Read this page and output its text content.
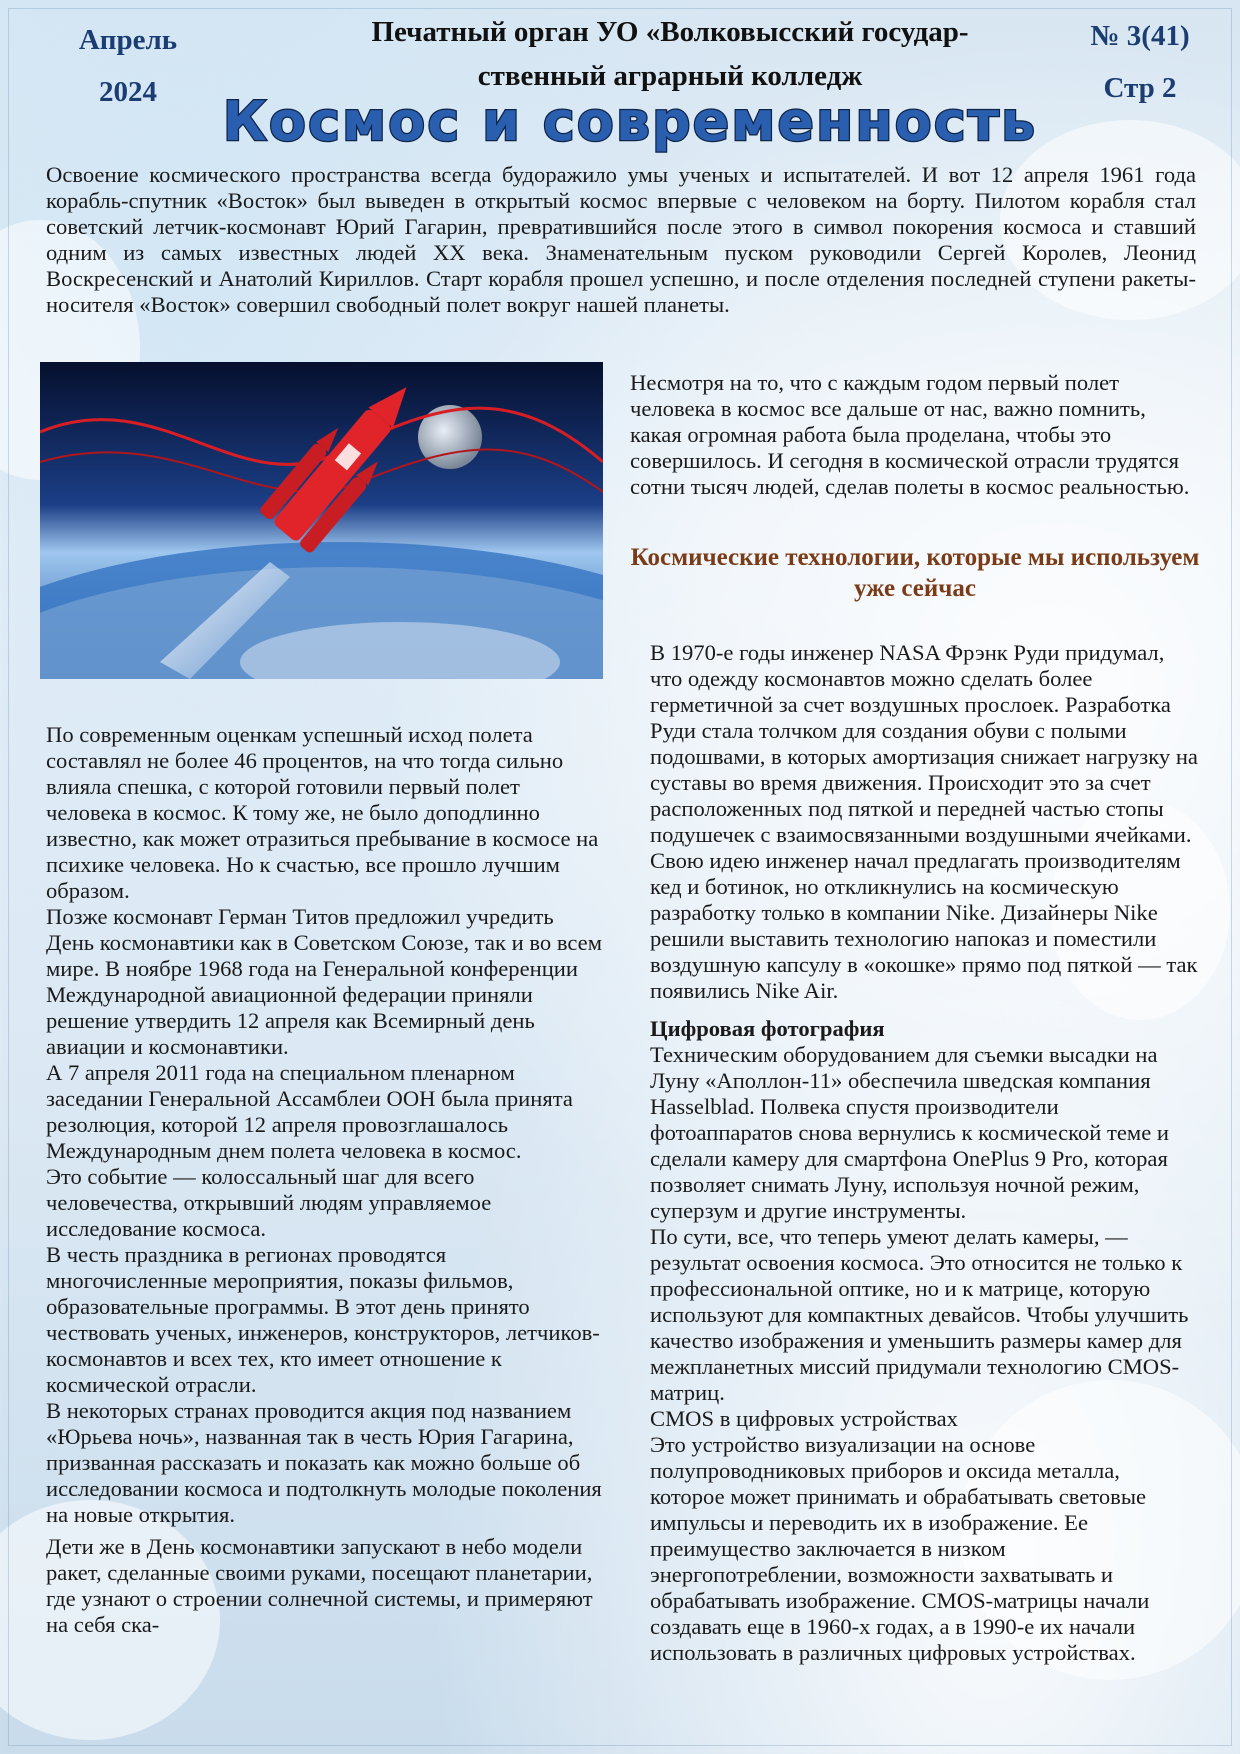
Апрель
2024
Печатный орган УО «Волковысский государ-
ственный аграрный колледж
№ 3(41)
Стр 2
Космос и современность

Освоение космического пространства всегда будоражило умы ученых и испытателей. И вот 12 апреля 1961 года корабль-спутник «Восток» был выведен в открытый космос впервые с человеком на борту. Пилотом корабля стал советский летчик-космонавт Юрий Гагарин, превратившийся после этого в символ покорения космоса и ставший одним из самых известных людей XX века. Знаменательным пуском руководили Сергей Королев, Леонид Воскресенский и Анатолий Кириллов. Старт корабля прошел успешно, и после отделения последней ступени ракеты-носителя «Восток» совершил свободный полет вокруг нашей планеты.

По современным оценкам успешный исход полета составлял не более 46 процентов, на что тогда сильно влияла спешка, с которой готовили первый полет человека в космос. К тому же, не было доподлинно известно, как может отразиться пребывание в космосе на психике человека. Но к счастью, все прошло лучшим образом.

Позже космонавт Герман Титов предложил учредить День космонавтики как в Советском Союзе, так и во всем мире. В ноябре 1968 года на Генеральной конференции Международной авиационной федерации приняли решение утвердить 12 апреля как Всемирный день авиации и космонавтики.

А 7 апреля 2011 года на специальном пленарном заседании Генеральной Ассамблеи ООН была принята резолюция, которой 12 апреля провозглашалось Международным днем полета человека в космос.

Это событие — колоссальный шаг для всего человечества, открывший людям управляемое исследование космоса.

В честь праздника в регионах проводятся многочисленные мероприятия, показы фильмов, образовательные программы. В этот день принято чествовать ученых, инженеров, конструкторов, летчиков-космонавтов и всех тех, кто имеет отношение к космической отрасли.

В некоторых странах проводится акция под названием «Юрьева ночь», названная так в честь Юрия Гагарина, призванная рассказать и показать как можно больше об исследовании космоса и подтолкнуть молодые поколения на новые открытия.

Дети же в День космонавтики запускают в небо модели ракет, сделанные своими руками, посещают планетарии, где узнают о строении солнечной системы, и примеряют на себя ска-

Несмотря на то, что с каждым годом первый полет человека в космос все дальше от нас, важно помнить, какая огромная работа была проделана, чтобы это совершилось. И сегодня в космической отрасли трудятся сотни тысяч людей, сделав полеты в космос реальностью.

Космические технологии, которые мы используем уже сейчас

В 1970-е годы инженер NASA Фрэнк Руди придумал, что одежду космонавтов можно сделать более герметичной за счет воздушных прослоек. Разработка Руди стала толчком для создания обуви с полыми подошвами, в которых амортизация снижает нагрузку на суставы во время движения. Происходит это за счет расположенных под пяткой и передней частью стопы подушечек с взаимосвязанными воздушными ячейками. Свою идею инженер начал предлагать производителям кед и ботинок, но откликнулись на космическую разработку только в компании Nike. Дизайнеры Nike решили выставить технологию напоказ и поместили воздушную капсулу в «окошке» прямо под пяткой — так появились Nike Air.

Цифровая фотография

Техническим оборудованием для съемки высадки на Луну «Аполлон-11» обеспечила шведская компания Hasselblad. Полвека спустя производители фотоаппаратов снова вернулись к космической теме и сделали камеру для смартфона OnePlus 9 Pro, которая позволяет снимать Луну, используя ночной режим, суперзум и другие инструменты.

По сути, все, что теперь умеют делать камеры, — результат освоения космоса. Это относится не только к профессиональной оптике, но и к матрице, которую используют для компактных девайсов. Чтобы улучшить качество изображения и уменьшить размеры камер для межпланетных миссий придумали технологию CMOS-матриц.

CMOS в цифровых устройствах

Это устройство визуализации на основе полупроводниковых приборов и оксида металла, которое может принимать и обрабатывать световые импульсы и переводить их в изображение. Ее преимущество заключается в низком энергопотреблении, возможности захватывать и обрабатывать изображение. CMOS-матрицы начали создавать еще в 1960-х годах, а в 1990-е их начали использовать в различных цифровых устройствах.
